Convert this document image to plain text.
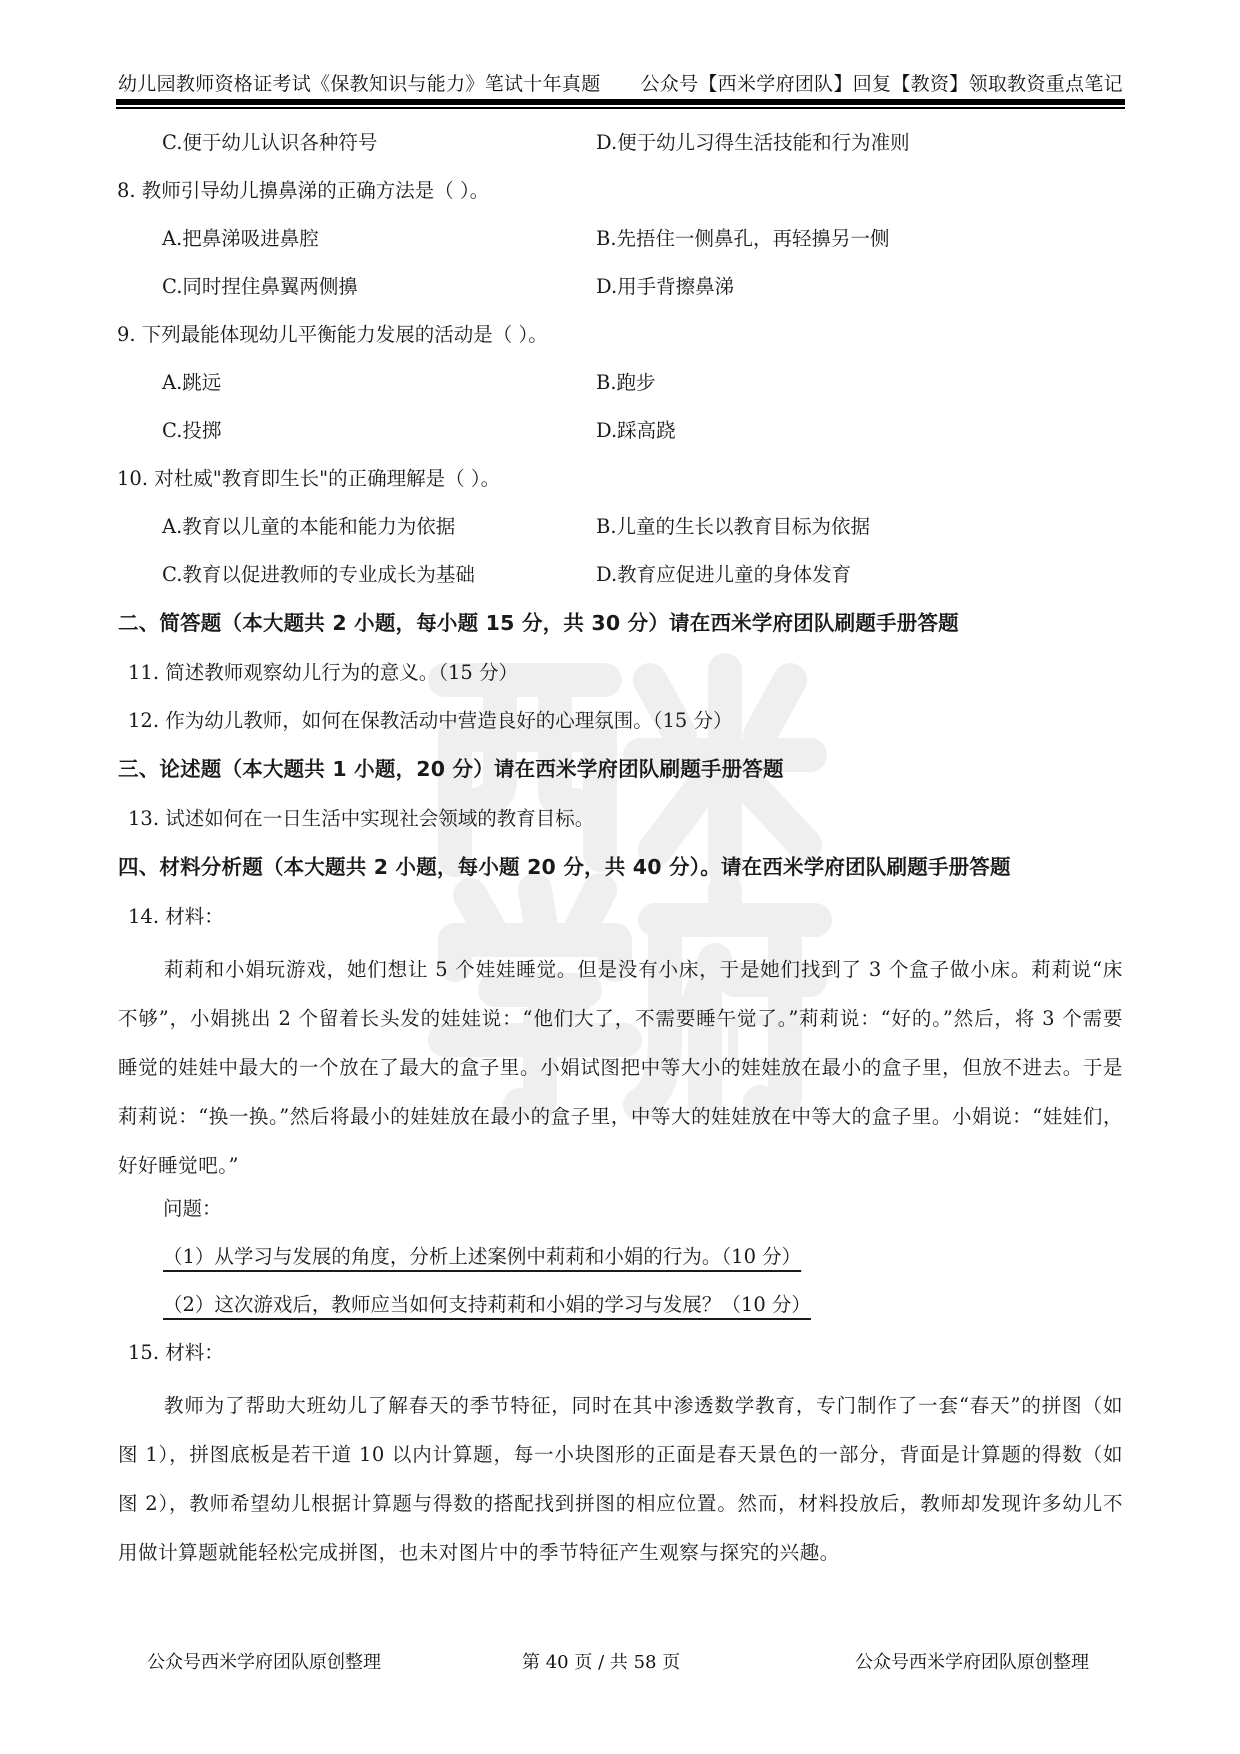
幼儿园教师资格证考试《保教知识与能力》笔试十年真题 公众号【西米学府团队】回复【教资】领取教资重点笔记
C.便于幼儿认识各种符号	D.便于幼儿习得生活技能和行为准则
8. 教师引导幼儿擤鼻涕的正确方法是（ ）。
A.把鼻涕吸进鼻腔	B.先捂住一侧鼻孔，再轻擤另一侧
C.同时捏住鼻翼两侧擤	D.用手背擦鼻涕
9. 下列最能体现幼儿平衡能力发展的活动是（ ）。
A.跳远	B.跑步
C.投掷	D.踩高跷
10. 对杜威"教育即生长"的正确理解是（ ）。
A.教育以儿童的本能和能力为依据	B.儿童的生长以教育目标为依据
C.教育以促进教师的专业成长为基础	D.教育应促进儿童的身体发育
二、简答题（本大题共 2 小题，每小题 15 分，共 30 分）请在西米学府团队刷题手册答题
11. 简述教师观察幼儿行为的意义。（15 分）
12. 作为幼儿教师，如何在保教活动中营造良好的心理氛围。（15 分）
三、论述题（本大题共 1 小题，20 分）请在西米学府团队刷题手册答题
13. 试述如何在一日生活中实现社会领域的教育目标。
四、材料分析题（本大题共 2 小题，每小题 20 分，共 40 分）。请在西米学府团队刷题手册答题
14. 材料：
莉莉和小娟玩游戏，她们想让 5 个娃娃睡觉。但是没有小床，于是她们找到了 3 个盒子做小床。莉莉说“床不够”，小娟挑出 2 个留着长头发的娃娃说：“他们大了，不需要睡午觉了。”莉莉说：“好的。”然后，将 3 个需要睡觉的娃娃中最大的一个放在了最大的盒子里。小娟试图把中等大小的娃娃放在最小的盒子里，但放不进去。于是莉莉说：“换一换。”然后将最小的娃娃放在最小的盒子里，中等大的娃娃放在中等大的盒子里。小娟说：“娃娃们，好好睡觉吧。”
问题：
（1）从学习与发展的角度，分析上述案例中莉莉和小娟的行为。（10 分）
（2）这次游戏后，教师应当如何支持莉莉和小娟的学习与发展？（10 分）
15. 材料：
教师为了帮助大班幼儿了解春天的季节特征，同时在其中渗透数学教育，专门制作了一套“春天”的拼图（如图 1），拼图底板是若干道 10 以内计算题，每一小块图形的正面是春天景色的一部分，背面是计算题的得数（如图 2），教师希望幼儿根据计算题与得数的搭配找到拼图的相应位置。然而，材料投放后，教师却发现许多幼儿不用做计算题就能轻松完成拼图，也未对图片中的季节特征产生观察与探究的兴趣。
公众号西米学府团队原创整理	第 40 页 / 共 58 页	公众号西米学府团队原创整理
